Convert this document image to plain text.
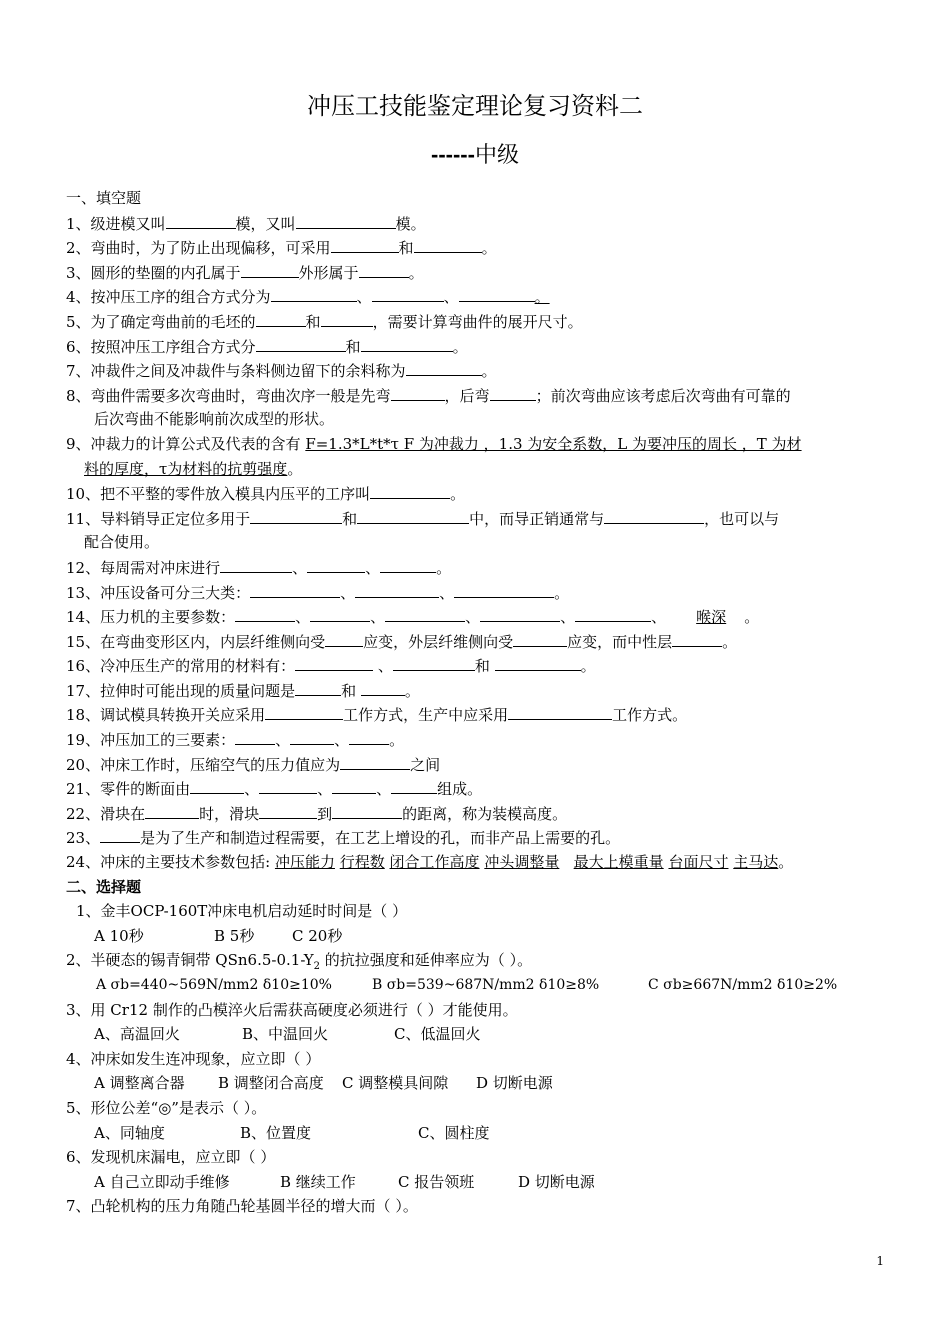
冲压工技能鉴定理论复习资料二
------中级
一、填空题
1、级进模又叫	模，又叫	模。
2、弯曲时，为了防止出现偏移，可采用	和	。
3、圆形的垫圈的内孔属于	外形属于	。
4、按冲压工序的组合方式分为	、	、	。
5、为了确定弯曲前的毛坯的	和	，需要计算弯曲件的展开尺寸。
6、按照冲压工序组合方式分	和	。
7、冲裁件之间及冲裁件与条料侧边留下的余料称为	。
8、弯曲件需要多次弯曲时，弯曲次序一般是先弯	，后弯	；前次弯曲应该考虑后次弯曲有可靠的
后次弯曲不能影响前次成型的形状。
9、冲裁力的计算公式及代表的含有 F=1.3*L*t*τ F 为冲裁力 ，1.3 为安全系数，L 为要冲压的周长 ，T 为材
料的厚度，τ为材料的抗剪强度。
10、把不平整的零件放入模具内压平的工序叫	。
11、导料销导正定位多用于	和	中，而导正销通常与	，也可以与
配合使用。
12、每周需对冲床进行	、	、	。
13、冲压设备可分三大类：	、	、	。
14、压力机的主要参数：	、	、	、	、	、 喉深 。
15、在弯曲变形区内，内层纤维侧向受	应变，外层纤维侧向受	应变，而中性层	。
16、冷冲压生产的常用的材料有：	、	和	。
17、拉伸时可能出现的质量问题是	和	。
18、调试模具转换开关应采用	工作方式，生产中应采用	工作方式。
19、冲压加工的三要素：	、	、	。
20、冲床工作时，压缩空气的压力值应为	之间
21、零件的断面由	、	、	、	组成。
22、滑块在	时，滑块	到	的距离，称为装模高度。
23、	是为了生产和制造过程需要，在工艺上增设的孔，而非产品上需要的孔。
24、冲床的主要技术参数包括: 冲压能力 行程数 闭合工作高度 冲头调整量 最大上模重量 台面尺寸 主马达。
二、选择题
1、金丰OCP-160T冲床电机启动延时时间是（ ）
A 10秒	B 5秒	C 20秒
2、半硬态的锡青铜带 $QSn6.5-0.1-Y_2$ 的抗拉强度和延伸率应为（ ）。
A σb=440~569N/mm2 δ10≥10%	B σb=539~687N/mm2 δ10≥8%	C σb≥667N/mm2 δ10≥2%
3、用 Cr12 制作的凸模淬火后需获高硬度必须进行（ ）才能使用。
A、高温回火	B、中温回火	C、低温回火
4、冲床如发生连冲现象，应立即（ ）
A 调整离合器 B 调整闭合高度 C 调整模具间隙 D 切断电源
5、形位公差“◎”是表示（ ）。
A、同轴度	B、位置度	C、圆柱度
6、发现机床漏电，应立即（ ）
A 自己立即动手维修	B 继续工作	C 报告领班	D 切断电源
7、凸轮机构的压力角随凸轮基圆半径的增大而（ ）。
1
